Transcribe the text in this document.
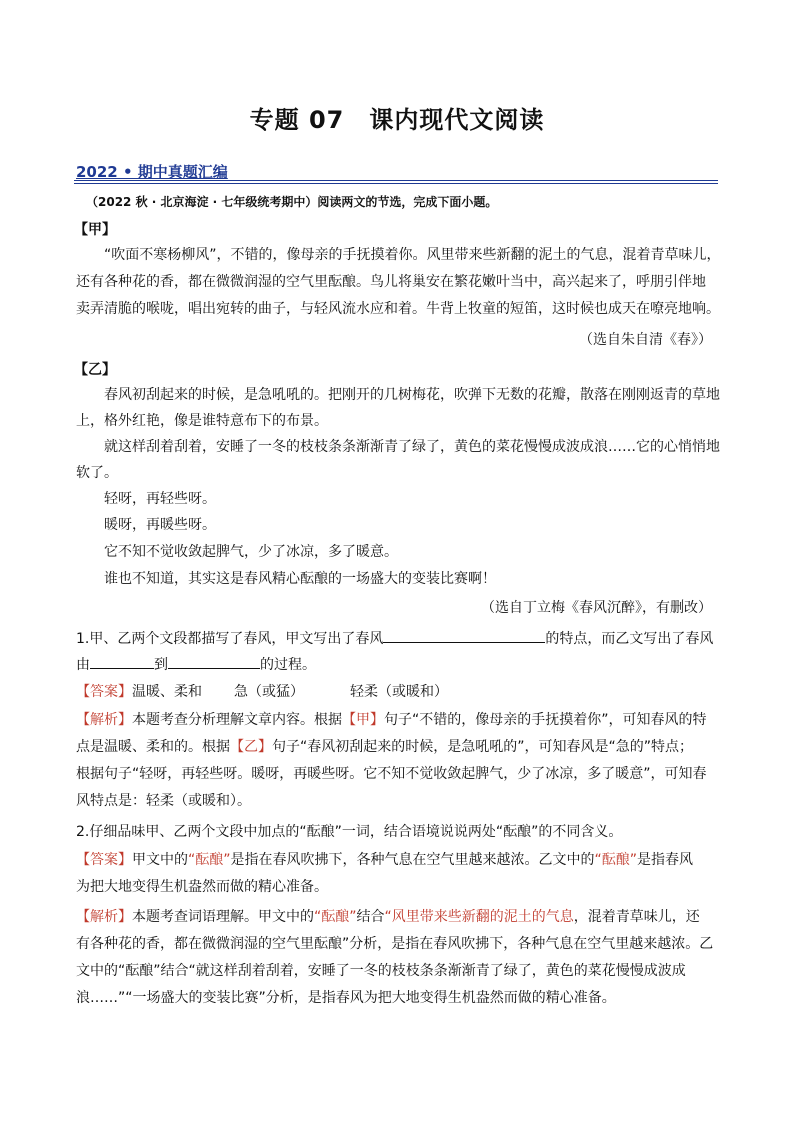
专题 07　课内现代文阅读
2022 • 期中真题汇编
（2022 秋 · 北京海淀 · 七年级统考期中）阅读两文的节选，完成下面小题。
【甲】
“吹面不寒杨柳风”，不错的，像母亲的手抚摸着你。风里带来些新翻的泥土的气息，混着青草味儿，
还有各种花的香，都在微微润湿的空气里酝酿。鸟儿将巢安在繁花嫩叶当中，高兴起来了，呼朋引伴地
卖弄清脆的喉咙，唱出宛转的曲子，与轻风流水应和着。牛背上牧童的短笛，这时候也成天在嘹亮地响。
（选自朱自清《春》）
【乙】
春风初刮起来的时候，是急吼吼的。把刚开的几树梅花，吹弹下无数的花瓣，散落在刚刚返青的草地
上，格外红艳，像是谁特意布下的布景。
就这样刮着刮着，安睡了一冬的枝枝条条渐渐青了绿了，黄色的菜花慢慢成波成浪……它的心悄悄地
软了。
轻呀，再轻些呀。
暖呀，再暖些呀。
它不知不觉收敛起脾气，少了冰凉，多了暖意。
谁也不知道，其实这是春风精心酝酿的一场盛大的变装比赛啊！
（选自丁立梅《春风沉醉》，有删改）
1.甲、乙两个文段都描写了春风，甲文写出了春风	的特点，而乙文写出了春风
由	到	的过程。
【答案】温暖、柔和 急（或猛）	轻柔（或暖和）
【解析】本题考查分析理解文章内容。根据【甲】句子“不错的，像母亲的手抚摸着你”，可知春风的特
点是温暖、柔和的。根据【乙】句子“春风初刮起来的时候，是急吼吼的”，可知春风是“急的”特点；
根据句子“轻呀，再轻些呀。暖呀，再暖些呀。它不知不觉收敛起脾气，少了冰凉，多了暖意”，可知春
风特点是：轻柔（或暖和）。
2.仔细品味甲、乙两个文段中加点的“酝酿”一词，结合语境说说两处“酝酿”的不同含义。
【答案】甲文中的“酝酿”是指在春风吹拂下，各种气息在空气里越来越浓。乙文中的“酝酿”是指春风
为把大地变得生机盎然而做的精心准备。
【解析】本题考查词语理解。甲文中的“酝酿”结合“风里带来些新翻的泥土的气息，混着青草味儿，还
有各种花的香，都在微微润湿的空气里酝酿”分析，是指在春风吹拂下，各种气息在空气里越来越浓。乙
文中的“酝酿”结合“就这样刮着刮着，安睡了一冬的枝枝条条渐渐青了绿了，黄色的菜花慢慢成波成
浪……”“一场盛大的变装比赛”分析，是指春风为把大地变得生机盎然而做的精心准备。
